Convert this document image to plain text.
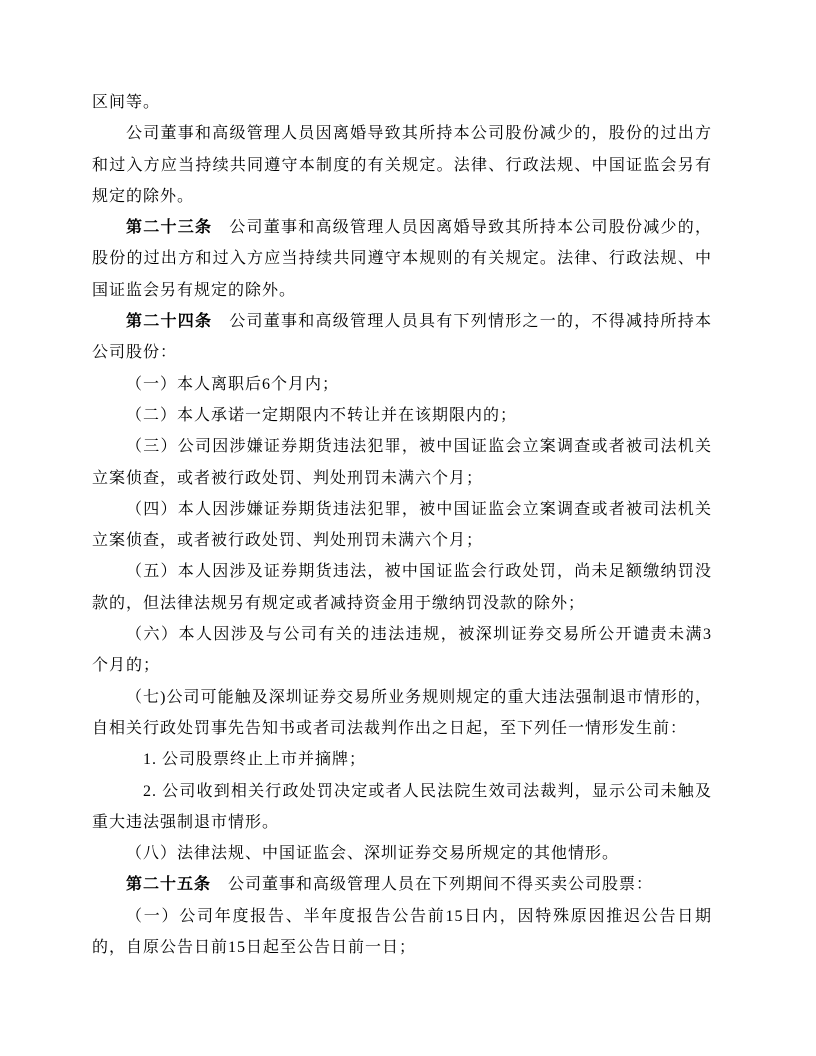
区间等。

公司董事和高级管理人员因离婚导致其所持本公司股份减少的，股份的过出方和过入方应当持续共同遵守本制度的有关规定。法律、行政法规、中国证监会另有规定的除外。

第二十三条 公司董事和高级管理人员因离婚导致其所持本公司股份减少的，股份的过出方和过入方应当持续共同遵守本规则的有关规定。法律、行政法规、中国证监会另有规定的除外。

第二十四条 公司董事和高级管理人员具有下列情形之一的，不得减持所持本公司股份：

（一）本人离职后6个月内；

（二）本人承诺一定期限内不转让并在该期限内的；

（三）公司因涉嫌证券期货违法犯罪，被中国证监会立案调查或者被司法机关立案侦查，或者被行政处罚、判处刑罚未满六个月；

（四）本人因涉嫌证券期货违法犯罪，被中国证监会立案调查或者被司法机关立案侦查，或者被行政处罚、判处刑罚未满六个月；

（五）本人因涉及证券期货违法，被中国证监会行政处罚，尚未足额缴纳罚没款的，但法律法规另有规定或者减持资金用于缴纳罚没款的除外；

（六）本人因涉及与公司有关的违法违规，被深圳证券交易所公开谴责未满3个月的；

（七)公司可能触及深圳证券交易所业务规则规定的重大违法强制退市情形的，自相关行政处罚事先告知书或者司法裁判作出之日起，至下列任一情形发生前：

1. 公司股票终止上市并摘牌；

2. 公司收到相关行政处罚决定或者人民法院生效司法裁判，显示公司未触及重大违法强制退市情形。

（八）法律法规、中国证监会、深圳证券交易所规定的其他情形。

第二十五条 公司董事和高级管理人员在下列期间不得买卖公司股票：

（一）公司年度报告、半年度报告公告前15日内，因特殊原因推迟公告日期的，自原公告日前15日起至公告日前一日；
